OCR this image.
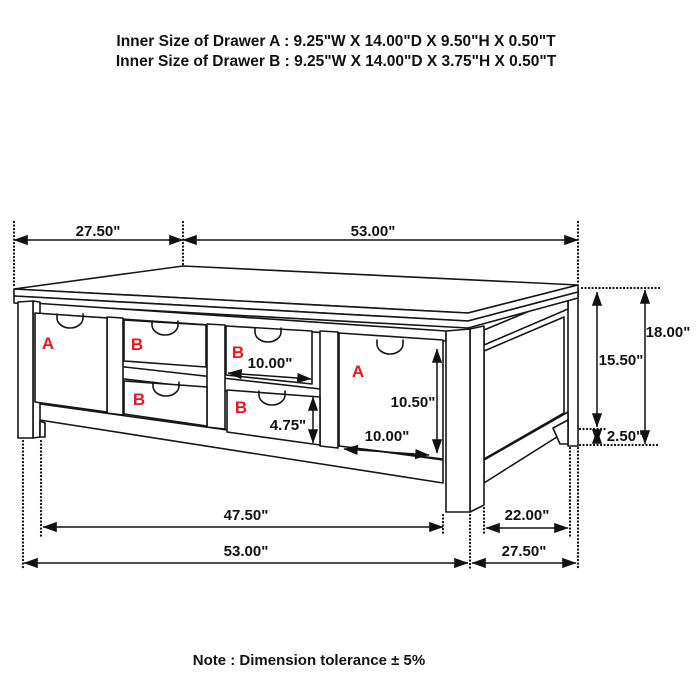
Inner Size of Drawer A : 9.25"W X 14.00"D X 9.50"H X 0.50"T
Inner Size of Drawer B : 9.25"W X 14.00"D X 3.75"H X 0.50"T
A	B	B
B	B
A
27.50"	53.00"
15.50"
2.50"
18.00"
10.00"
4.75"
10.50"
10.00"
47.50"	22.00"
53.00"	27.50"
Note : Dimension tolerance ± 5%
